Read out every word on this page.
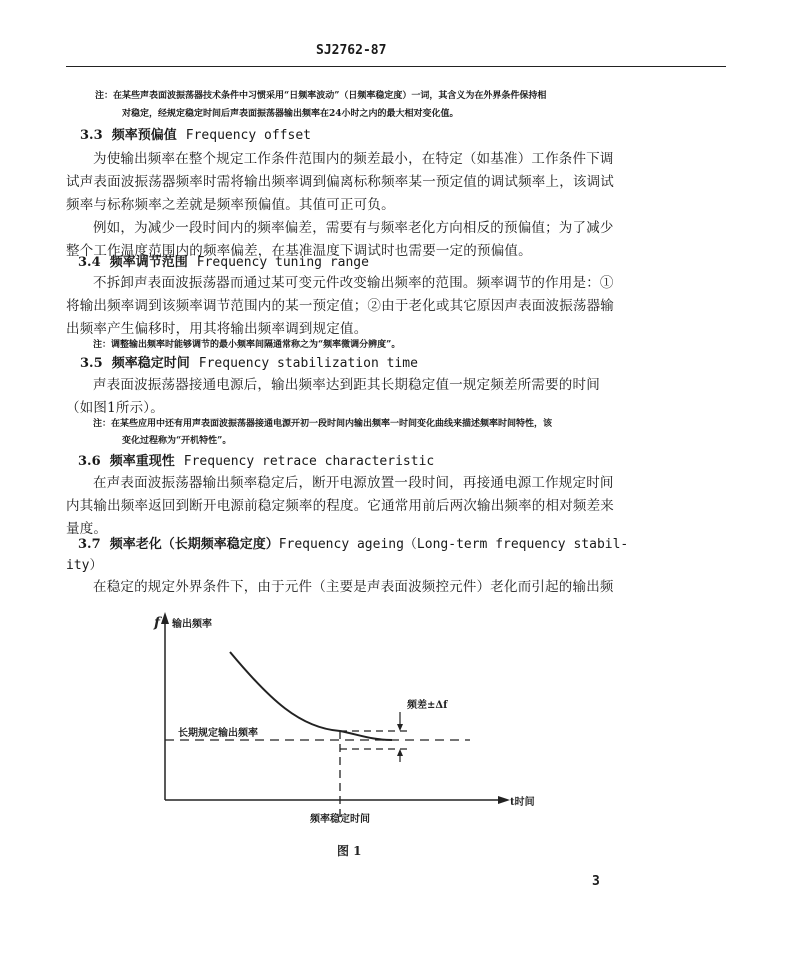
SJ2762-87
注：在某些声表面波振荡器技术条件中习惯采用“日频率波动”（日频率稳定度）一词，其含义为在外界条件保持相
对稳定，经规定稳定时间后声表面振荡器输出频率在24小时之内的最大相对变化值。
3.3 频率预偏值 Frequency offset
为使输出频率在整个规定工作条件范围内的频差最小，在特定（如基准）工作条件下调
试声表面波振荡器频率时需将输出频率调到偏离标称频率某一预定值的调试频率上，该调试
频率与标称频率之差就是频率预偏值。其值可正可负。
例如，为减少一段时间内的频率偏差，需要有与频率老化方向相反的预偏值；为了减少
整个工作温度范围内的频率偏差，在基准温度下调试时也需要一定的预偏值。
3.4 频率调节范围 Frequency tuning range
不拆卸声表面波振荡器而通过某可变元件改变输出频率的范围。频率调节的作用是：①
将输出频率调到该频率调节范围内的某一预定值；②由于老化或其它原因声表面波振荡器输
出频率产生偏移时，用其将输出频率调到规定值。
注：调整输出频率时能够调节的最小频率间隔通常称之为“频率微调分辨度”。
3.5 频率稳定时间 Frequency stabilization time
声表面波振荡器接通电源后，输出频率达到距其长期稳定值一规定频差所需要的时间
（如图1所示）。
注：在某些应用中还有用声表面波振荡器接通电源开初一段时间内输出频率一时间变化曲线来描述频率时间特性，该
变化过程称为“开机特性”。
3.6 频率重现性 Frequency retrace characteristic
在声表面波振荡器输出频率稳定后，断开电源放置一段时间，再接通电源工作规定时间
内其输出频率返回到断开电源前稳定频率的程度。它通常用前后两次输出频率的相对频差来
量度。
3.7 频率老化（长期频率稳定度）Frequency ageing（Long-term frequency stabil-
ity）
在稳定的规定外界条件下，由于元件（主要是声表面波频控元件）老化而引起的输出频
f 输出频率
t时间
长期规定输出频率
频率稳定时间
频差±Δf
图 1
3
